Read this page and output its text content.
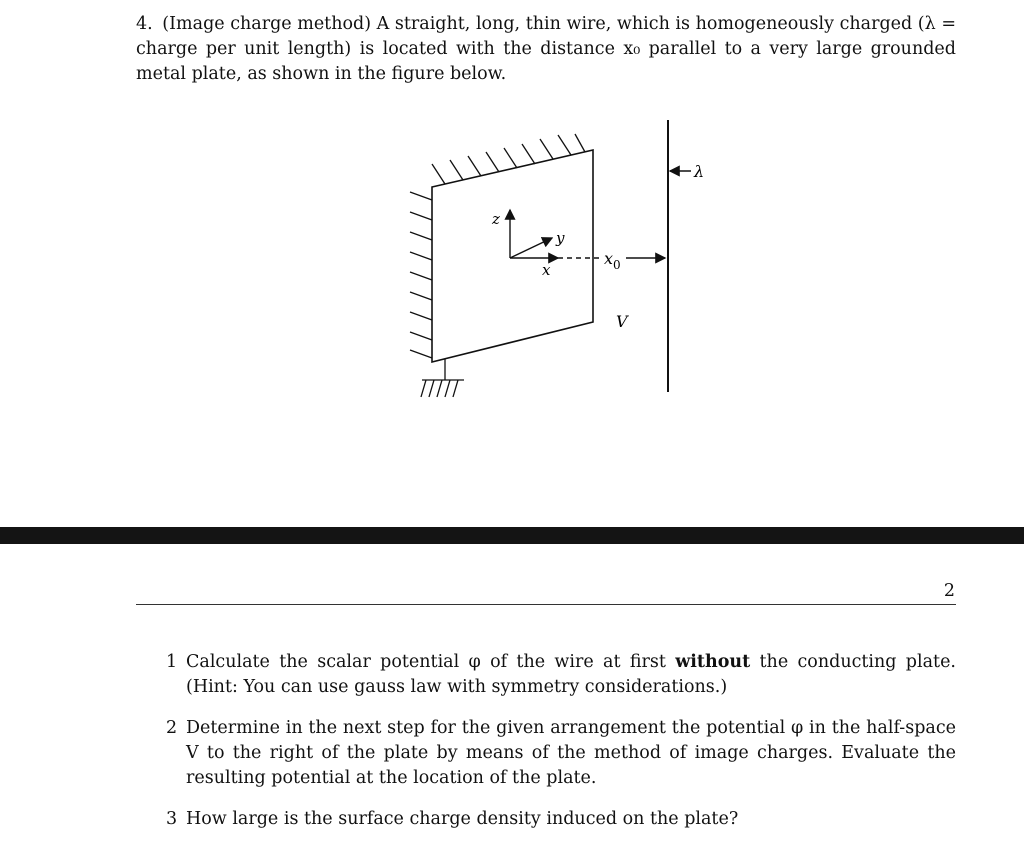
4. (Image charge method) A straight, long, thin wire, which is homogeneously charged (λ = charge per unit length) is located with the distance x₀ parallel to a very large grounded metal plate, as shown in the figure below.
z
y
x
$x_0$
V
λ
2
1 Calculate the scalar potential φ of the wire at first without the conducting plate. (Hint: You can use gauss law with symmetry considerations.)
2 Determine in the next step for the given arrangement the potential φ in the half-space V to the right of the plate by means of the method of image charges. Evaluate the resulting potential at the location of the plate.
3 How large is the surface charge density induced on the plate?
